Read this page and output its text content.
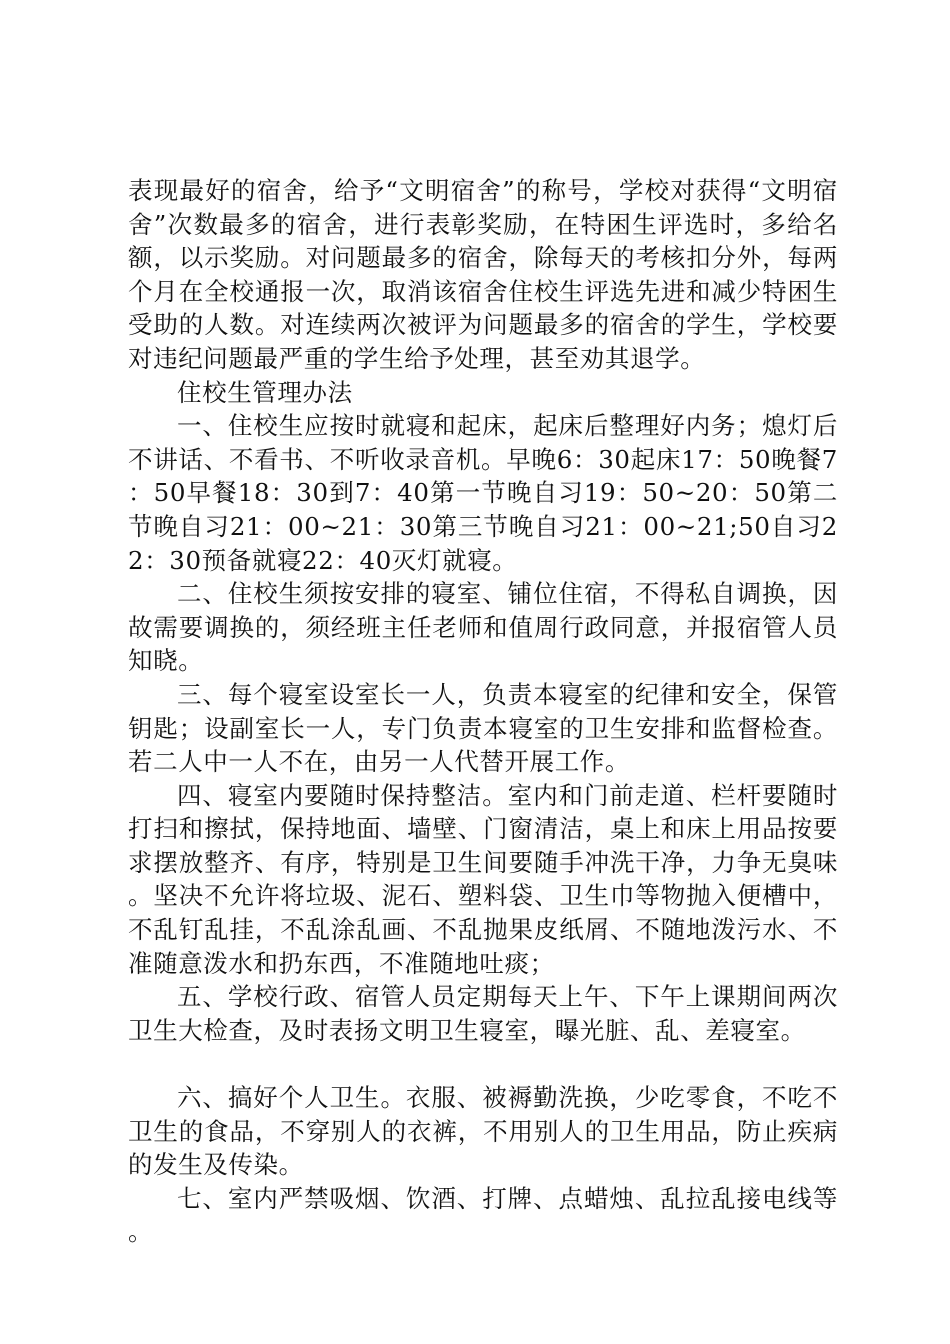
表现最好的宿舍，给予“文明宿舍”的称号，学校对获得“文明宿舍”次数最多的宿舍，进行表彰奖励，在特困生评选时，多给名额，以示奖励。对问题最多的宿舍，除每天的考核扣分外，每两个月在全校通报一次，取消该宿舍住校生评选先进和减少特困生受助的人数。对连续两次被评为问题最多的宿舍的学生，学校要对违纪问题最严重的学生给予处理，甚至劝其退学。

住校生管理办法

一、住校生应按时就寝和起床，起床后整理好内务；熄灯后不讲话、不看书、不听收录音机。早晚6：30起床17：50晚餐7：50早餐18：30到7：40第一节晚自习19：50~20：50第二节晚自习21：00~21：30第三节晚自习21：00~21;50自习22：30预备就寝22：40灭灯就寝。

二、住校生须按安排的寝室、铺位住宿，不得私自调换，因故需要调换的，须经班主任老师和值周行政同意，并报宿管人员知晓。

三、每个寝室设室长一人，负责本寝室的纪律和安全，保管钥匙；设副室长一人，专门负责本寝室的卫生安排和监督检查。若二人中一人不在，由另一人代替开展工作。

四、寝室内要随时保持整洁。室内和门前走道、栏杆要随时打扫和擦拭，保持地面、墙壁、门窗清洁，桌上和床上用品按要求摆放整齐、有序，特别是卫生间要随手冲洗干净，力争无臭味。坚决不允许将垃圾、泥石、塑料袋、卫生巾等物抛入便槽中，不乱钉乱挂，不乱涂乱画、不乱抛果皮纸屑、不随地泼污水、不准随意泼水和扔东西，不准随地吐痰；

五、学校行政、宿管人员定期每天上午、下午上课期间两次卫生大检查，及时表扬文明卫生寝室，曝光脏、乱、差寝室。

六、搞好个人卫生。衣服、被褥勤洗换，少吃零食，不吃不卫生的食品，不穿别人的衣裤，不用别人的卫生用品，防止疾病的发生及传染。

七、室内严禁吸烟、饮酒、打牌、点蜡烛、乱拉乱接电线等。
